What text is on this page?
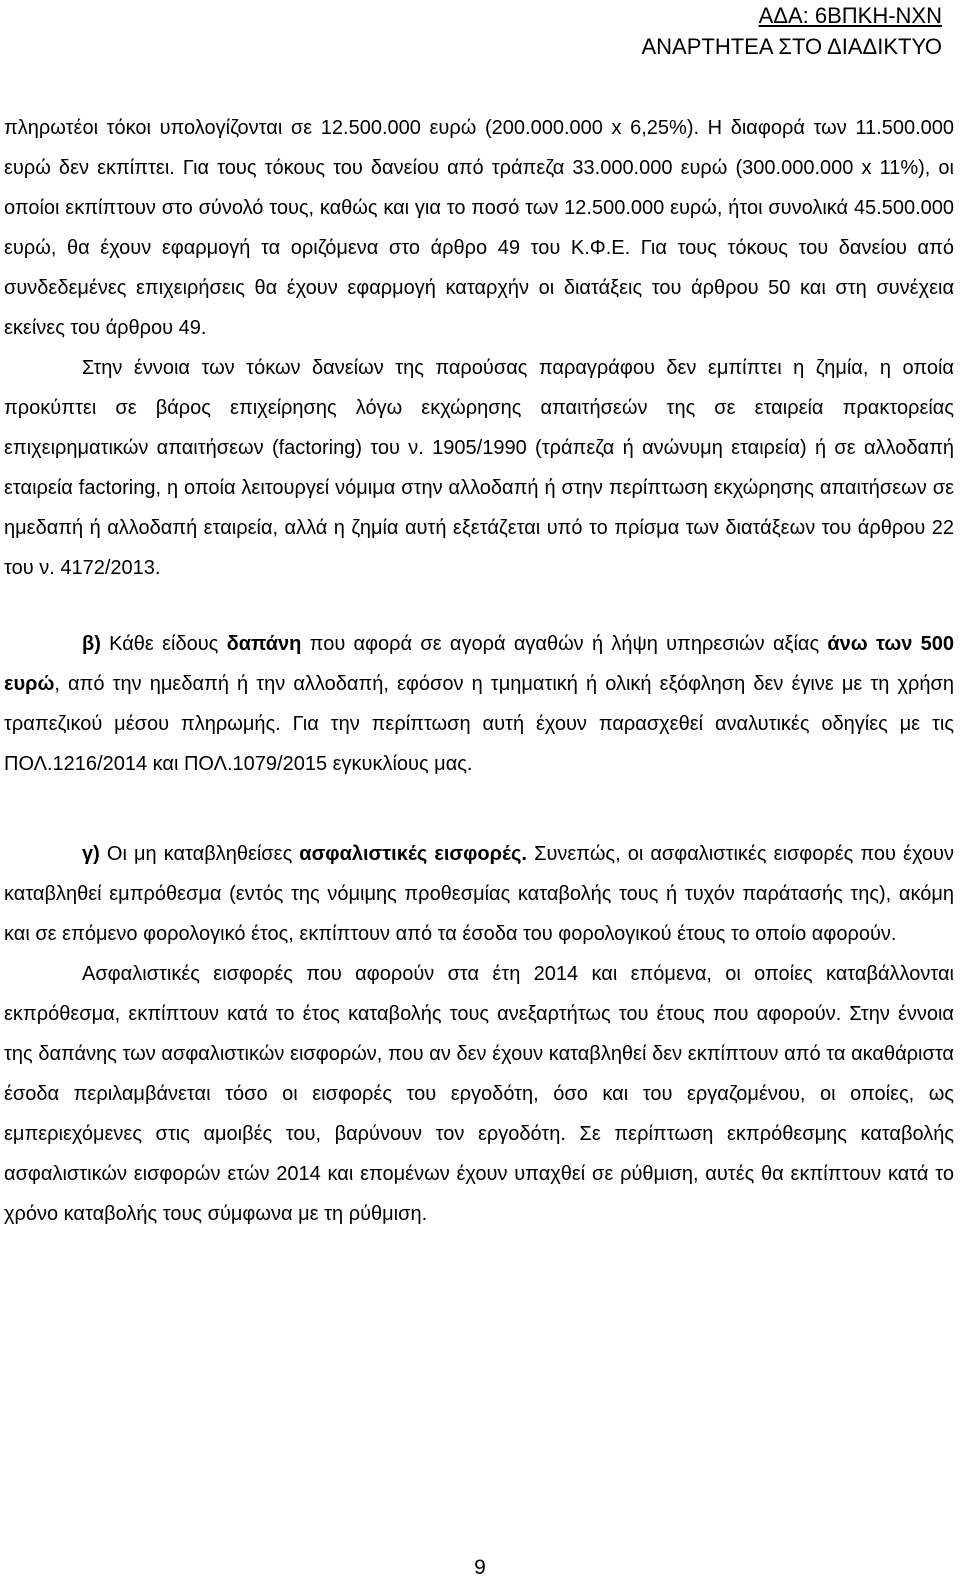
ΑΔΑ: 6ΒΠΚΗ-ΝΧΝ
ΑΝΑΡΤΗΤΕΑ ΣΤΟ ΔΙΑΔΙΚΤΥΟ

πληρωτέοι τόκοι υπολογίζονται σε 12.500.000 ευρώ (200.000.000 x 6,25%). Η διαφορά των 11.500.000 ευρώ δεν εκπίπτει. Για τους τόκους του δανείου από τράπεζα 33.000.000 ευρώ (300.000.000 x 11%), οι οποίοι εκπίπτουν στο σύνολό τους, καθώς και για το ποσό των 12.500.000 ευρώ, ήτοι συνολικά 45.500.000 ευρώ, θα έχουν εφαρμογή τα οριζόμενα στο άρθρο 49 του Κ.Φ.Ε. Για τους τόκους του δανείου από συνδεδεμένες επιχειρήσεις θα έχουν εφαρμογή καταρχήν οι διατάξεις του άρθρου 50 και στη συνέχεια εκείνες του άρθρου 49.

Στην έννοια των τόκων δανείων της παρούσας παραγράφου δεν εμπίπτει η ζημία, η οποία προκύπτει σε βάρος επιχείρησης λόγω εκχώρησης απαιτήσεών της σε εταιρεία πρακτορείας επιχειρηματικών απαιτήσεων (factoring) του ν. 1905/1990 (τράπεζα ή ανώνυμη εταιρεία) ή σε αλλοδαπή εταιρεία factoring, η οποία λειτουργεί νόμιμα στην αλλοδαπή ή στην περίπτωση εκχώρησης απαιτήσεων σε ημεδαπή ή αλλοδαπή εταιρεία, αλλά η ζημία αυτή εξετάζεται υπό το πρίσμα των διατάξεων του άρθρου 22 του ν. 4172/2013.

β) Κάθε είδους δαπάνη που αφορά σε αγορά αγαθών ή λήψη υπηρεσιών αξίας άνω των 500 ευρώ, από την ημεδαπή ή την αλλοδαπή, εφόσον η τμηματική ή ολική εξόφληση δεν έγινε με τη χρήση τραπεζικού μέσου πληρωμής. Για την περίπτωση αυτή έχουν παρασχεθεί αναλυτικές οδηγίες με τις ΠΟΛ.1216/2014 και ΠΟΛ.1079/2015 εγκυκλίους μας.

γ) Οι μη καταβληθείσες ασφαλιστικές εισφορές. Συνεπώς, οι ασφαλιστικές εισφορές που έχουν καταβληθεί εμπρόθεσμα (εντός της νόμιμης προθεσμίας καταβολής τους ή τυχόν παράτασής της), ακόμη και σε επόμενο φορολογικό έτος, εκπίπτουν από τα έσοδα του φορολογικού έτους το οποίο αφορούν.

Ασφαλιστικές εισφορές που αφορούν στα έτη 2014 και επόμενα, οι οποίες καταβάλλονται εκπρόθεσμα, εκπίπτουν κατά το έτος καταβολής τους ανεξαρτήτως του έτους που αφορούν. Στην έννοια της δαπάνης των ασφαλιστικών εισφορών, που αν δεν έχουν καταβληθεί δεν εκπίπτουν από τα ακαθάριστα έσοδα περιλαμβάνεται τόσο οι εισφορές του εργοδότη, όσο και του εργαζομένου, οι οποίες, ως εμπεριεχόμενες στις αμοιβές του, βαρύνουν τον εργοδότη. Σε περίπτωση εκπρόθεσμης καταβολής ασφαλιστικών εισφορών ετών 2014 και επομένων έχουν υπαχθεί σε ρύθμιση, αυτές θα εκπίπτουν κατά το χρόνο καταβολής τους σύμφωνα με τη ρύθμιση.

9
